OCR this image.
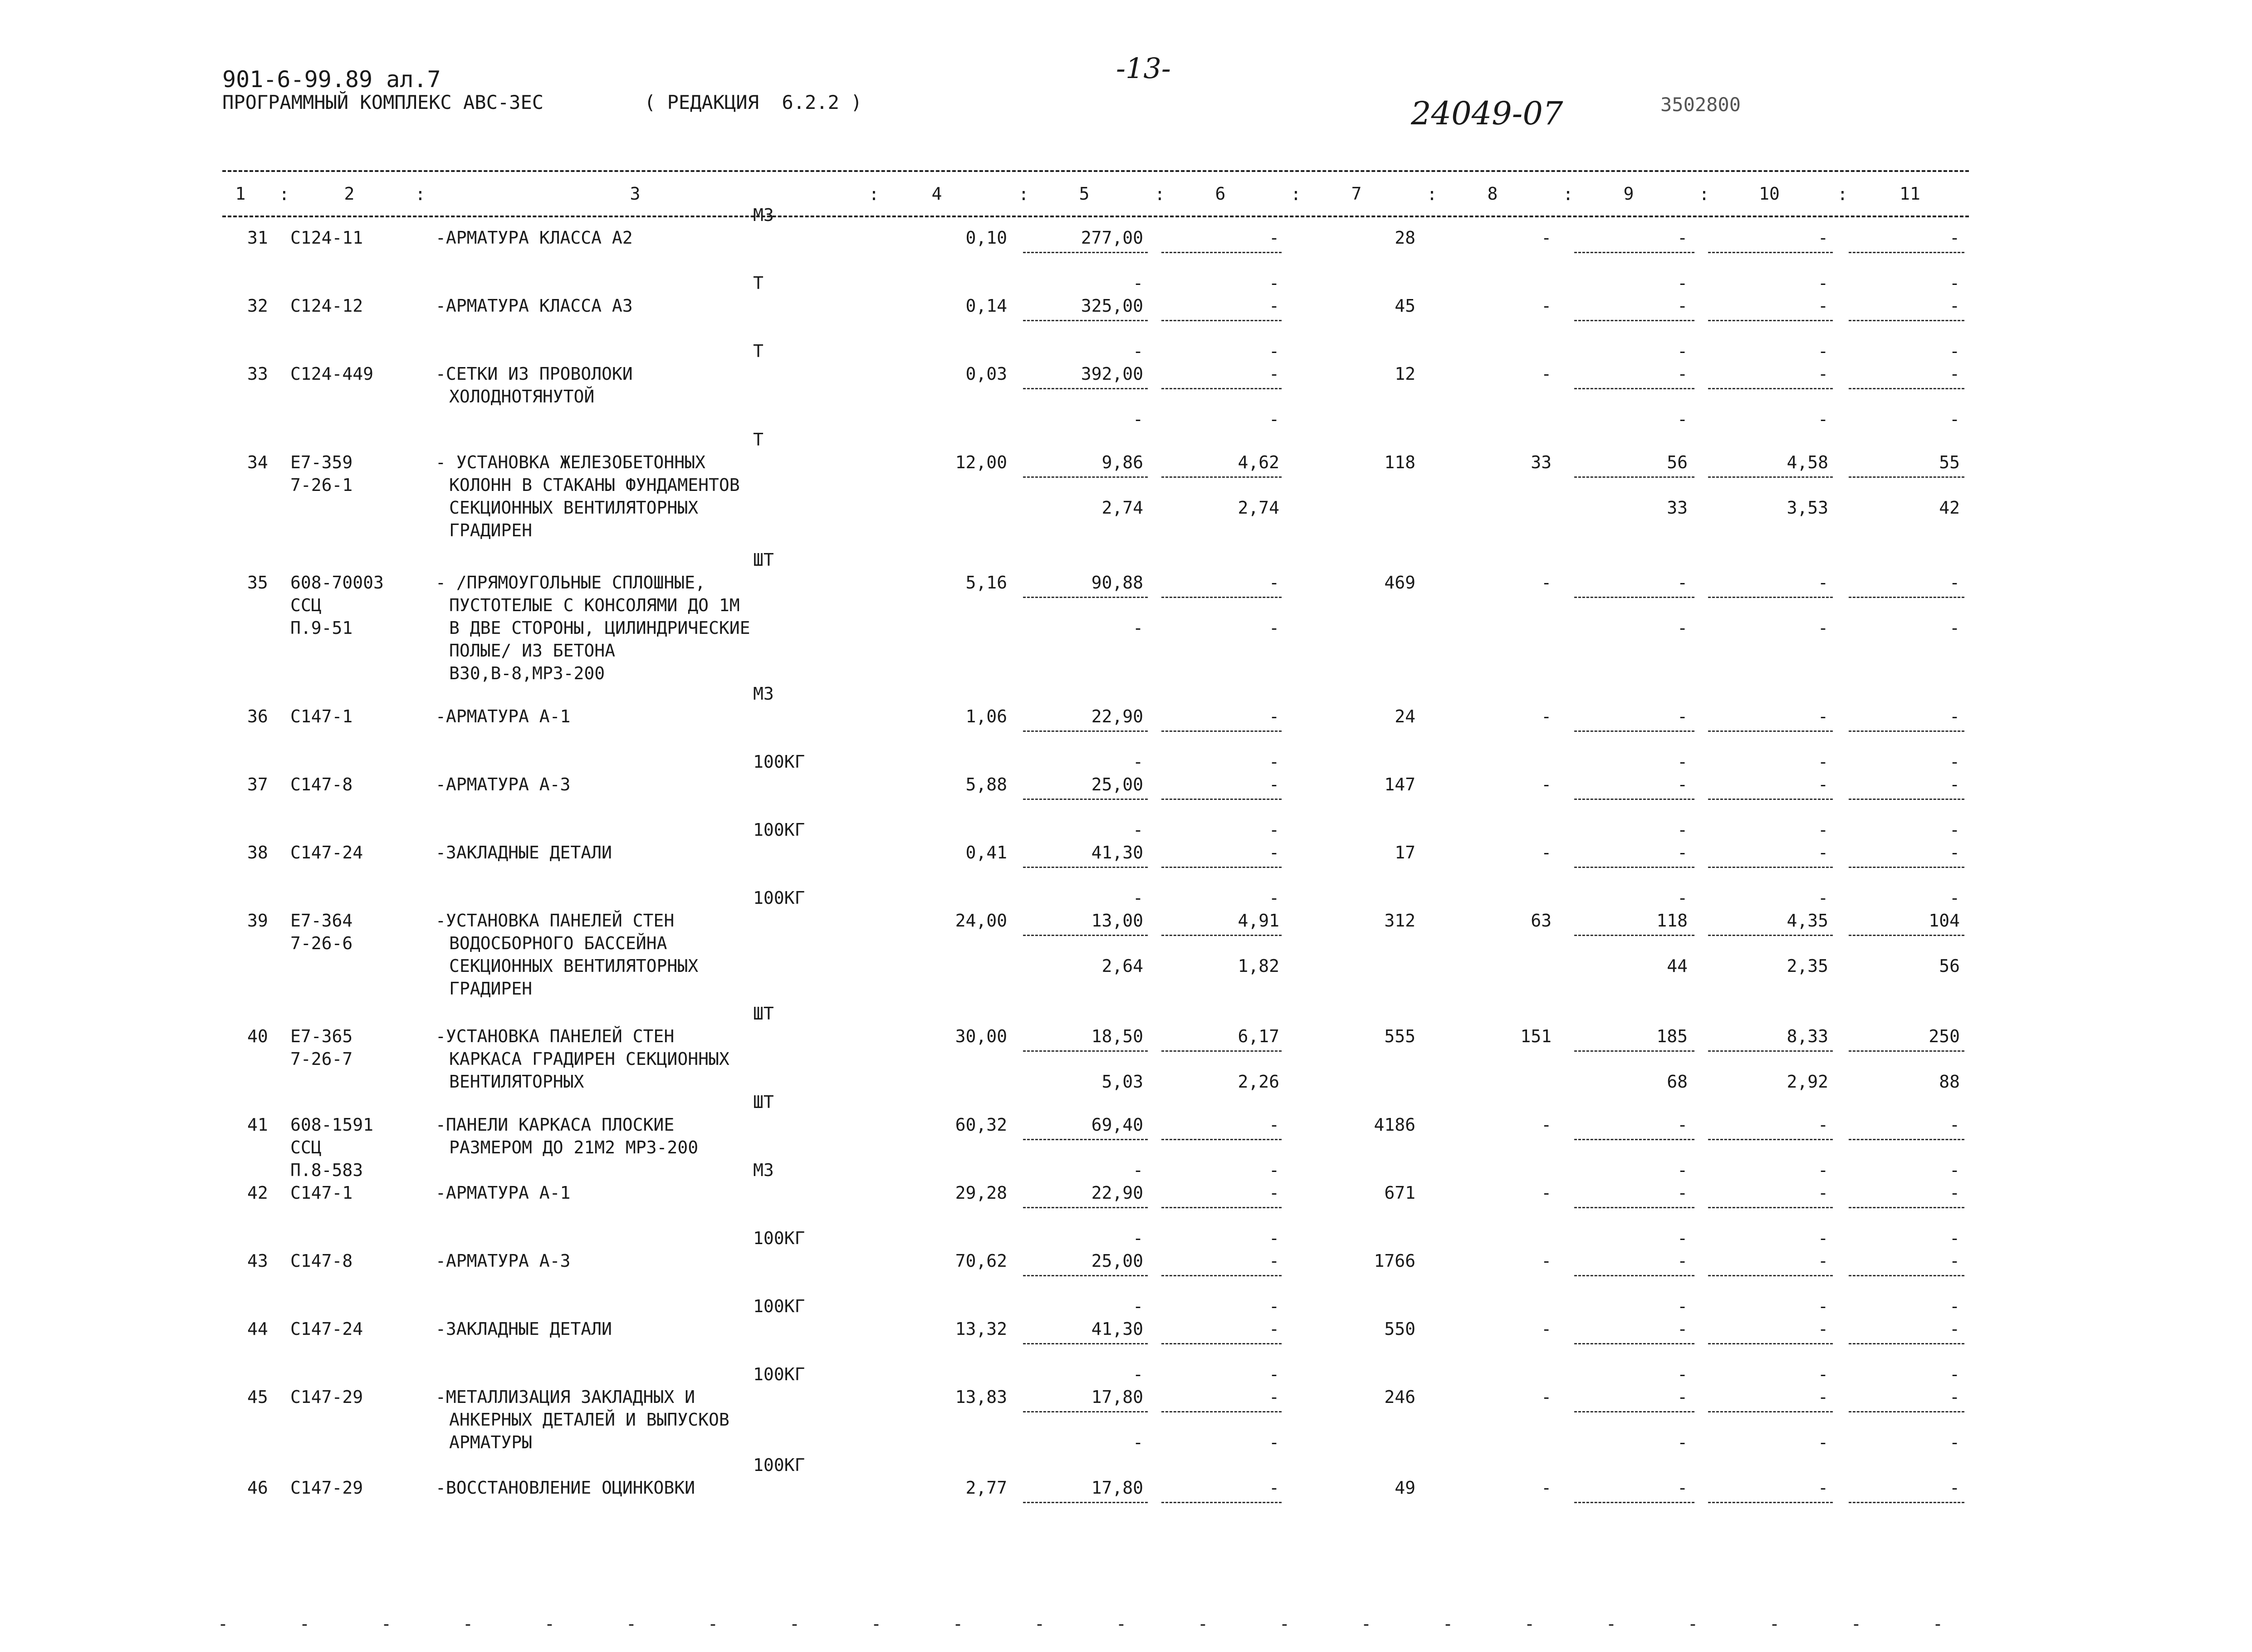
901-6-99.89 ал.7
ПРОГРАММНЫЙ КОМПЛЕКС АВС-3ЕС	( РЕДАКЦИЯ  6.2.2 )
-13-
24049-07	3502800
1	2	3	4	5	6	7	8	9	10	11
:	:	:	:	:	:	:	:	:	:
М3
31 С124-11	-АРМАТУРА КЛАССА А2	0,10	277,00	-	28	-	-	-	-
-	-	-	-	-
Т
32 С124-12	-АРМАТУРА КЛАССА А3	0,14	325,00	-	45	-	-	-	-
-	-	-	-	-
Т
33 С124-449	-СЕТКИ ИЗ ПРОВОЛОКИ
ХОЛОДНОТЯНУТОЙ
0,03	392,00	-	12	-	-	-	-
-	-	-	-	-
Т
34 Е7-359
7-26-1
- УСТАНОВКА ЖЕЛЕЗОБЕТОННЫХ
КОЛОНН В СТАКАНЫ ФУНДАМЕНТОВ
СЕКЦИОННЫХ ВЕНТИЛЯТОРНЫХ
ГРАДИРЕН
12,00	9,86	4,62	118	33	56	4,58	55
2,74	2,74	33	3,53	42
ШТ
35 608-70003
ССЦ
П.9-51
- /ПРЯМОУГОЛЬНЫЕ СПЛОШНЫЕ,
ПУСТОТЕЛЫЕ С КОНСОЛЯМИ ДО 1М
В ДВЕ СТОРОНЫ, ЦИЛИНДРИЧЕСКИЕ
ПОЛЫЕ/ ИЗ БЕТОНА
В30,В-8,МРЗ-200
5,16	90,88	-	469	-	-	-	-
-	-	-	-	-
М3
36 С147-1	-АРМАТУРА А-1	1,06	22,90	-	24	-	-	-	-
-	-	-	-	-
100КГ
37 С147-8	-АРМАТУРА А-3	5,88	25,00	-	147	-	-	-	-
-	-	-	-	-
100КГ
38 С147-24	-ЗАКЛАДНЫЕ ДЕТАЛИ	0,41	41,30	-	17	-	-	-	-
-	-	-	-	-
100КГ
39 Е7-364
7-26-6
-УСТАНОВКА ПАНЕЛЕЙ СТЕН
ВОДОСБОРНОГО БАССЕЙНА
СЕКЦИОННЫХ ВЕНТИЛЯТОРНЫХ
ГРАДИРЕН
24,00	13,00	4,91	312	63	118	4,35	104
2,64	1,82	44	2,35	56
ШТ
40 Е7-365
7-26-7
-УСТАНОВКА ПАНЕЛЕЙ СТЕН
КАРКАСА ГРАДИРЕН СЕКЦИОННЫХ
ВЕНТИЛЯТОРНЫХ
30,00	18,50	6,17	555	151	185	8,33	250
5,03	2,26	68	2,92	88
ШТ
41 608-1591
ССЦ
П.8-583
-ПАНЕЛИ КАРКАСА ПЛОСКИЕ
РАЗМЕРОМ ДО 21М2 МРЗ-200
60,32	69,40	-	4186	-	-	-	-
-	-	-	-	-
М3
42 С147-1	-АРМАТУРА А-1	29,28	22,90	-	671	-	-	-	-
-	-	-	-	-
100КГ
43 С147-8	-АРМАТУРА А-3	70,62	25,00	-	1766	-	-	-	-
-	-	-	-	-
100КГ
44 С147-24	-ЗАКЛАДНЫЕ ДЕТАЛИ	13,32	41,30	-	550	-	-	-	-
-	-	-	-	-
100КГ
45 С147-29	-МЕТАЛЛИЗАЦИЯ ЗАКЛАДНЫХ И
АНКЕРНЫХ ДЕТАЛЕЙ И ВЫПУСКОВ
АРМАТУРЫ
13,83	17,80	-	246	-	-	-	-
-	-	-	-	-
100КГ
46 С147-29	-ВОССТАНОВЛЕНИЕ ОЦИНКОВКИ	2,77	17,80	-	49	-	-	-	-
-	-	-	-	-	-	-	-	-	-	-	-	-	-	-	-	-	-	-	-	-	-
